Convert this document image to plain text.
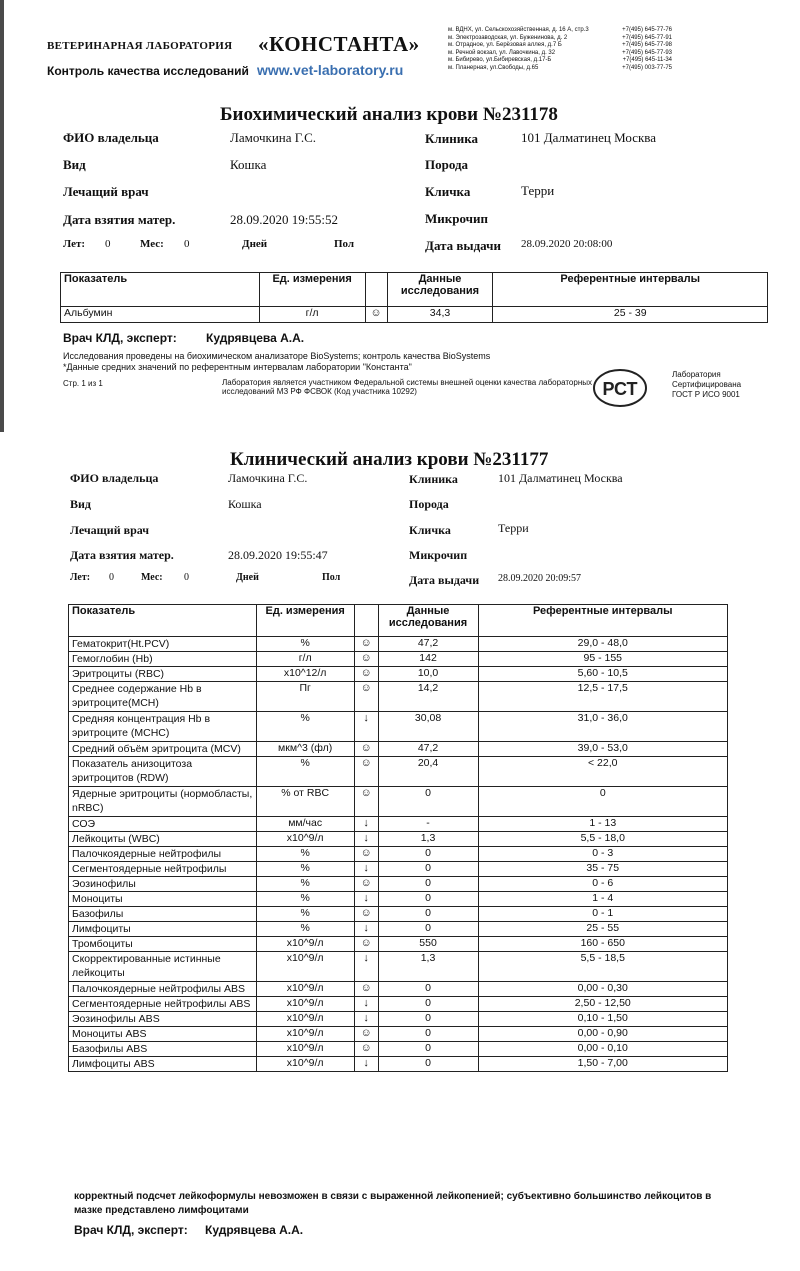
ВЕТЕРИНАРНАЯ ЛАБОРАТОРИЯ «КОНСТАНТА»
Контроль качества исследований www.vet-laboratory.ru
м. ВДНХ, ул. Сельскохозяйственная, д. 16 А, стр.3
м. Электрозаводская, ул. Буженинова, д. 2
м. Отрадное, ул. Берёзовая аллея, д.7 Б
м. Речной вокзал, ул. Лавочкина, д. 32
м. Бибирево, ул.Бибиревская, д.17-Б
м. Планерная, ул.Свободы, д.65
+7(495) 645-77-76
+7(495) 645-77-91
+7(495) 645-77-98
+7(495) 645-77-93
+7(495) 645-11-34
+7(495) 003-77-75
Биохимический анализ крови №231178
ФИО владельца	Ламочкина Г.С.	Клиника	101 Далматинец Москва
Вид	Кошка	Порода
Лечащий врач	Кличка	Терри
Дата взятия матер.	28.09.2020 19:55:52	Микрочип
Лет: 0	Мес: 0	Дней	Пол	Дата выдачи 28.09.2020 20:08:00
Показатель	Ед. измерения		Данные исследования	Референтные интервалы
Альбумин	г/л	☺	34,3	25 - 39
Врач КЛД, эксперт: Кудрявцева А.А.
Исследования проведены на биохимическом анализаторе BioSystems; контроль качества BioSystems
*Данные средних значений по референтным интервалам лаборатории "Константа"
Стр. 1 из 1	Лаборатория является участником Федеральной системы внешней оценки качества лабораторных исследований МЗ РФ ФСВОК (Код участника 10292)	РСТ
Лаборатория
Сертифицирована
ГОСТ Р ИСО 9001
Клинический анализ крови №231177
ФИО владельца	Ламочкина Г.С.	Клиника	101 Далматинец Москва
Вид	Кошка	Порода
Лечащий врач	Кличка	Терри
Дата взятия матер.	28.09.2020 19:55:47	Микрочип
Лет: 0	Мес: 0	Дней	Пол	Дата выдачи 28.09.2020 20:09:57
Показатель	Ед. измерения		Данные исследования	Референтные интервалы
Гематокрит(Ht.PCV)	%	☺	47,2	29,0 - 48,0
Гемоглобин (Hb)	г/л	☺	142	95 - 155
Эритроциты (RBC)	x10^12/л	☺	10,0	5,60 - 10,5
Среднее содержание Hb в эритроците(MCH)	Пг	☺	14,2	12,5 - 17,5
Средняя концентрация Hb в эритроците (MCHC)	%	↓	30,08	31,0 - 36,0
Средний объём эритроцита (MCV)	мкм^3 (фл)	☺	47,2	39,0 - 53,0
Показатель анизоцитоза эритроцитов (RDW)	%	☺	20,4	< 22,0
Ядерные эритроциты (нормобласты, nRBC)	% от RBC	☺	0	0
СОЭ	мм/час	↓	-	1 - 13
Лейкоциты (WBC)	x10^9/л	↓	1,3	5,5 - 18,0
Палочкоядерные нейтрофилы	%	☺	0	0 - 3
Сегментоядерные нейтрофилы	%	↓	0	35 - 75
Эозинофилы	%	☺	0	0 - 6
Моноциты	%	↓	0	1 - 4
Базофилы	%	☺	0	0 - 1
Лимфоциты	%	↓	0	25 - 55
Тромбоциты	x10^9/л	☺	550	160 - 650
Скорректированные истинные лейкоциты	x10^9/л	↓	1,3	5,5 - 18,5
Палочкоядерные нейтрофилы ABS	x10^9/л	☺	0	0,00 - 0,30
Сегментоядерные нейтрофилы ABS	x10^9/л	↓	0	2,50 - 12,50
Эозинофилы ABS	x10^9/л	↓	0	0,10 - 1,50
Моноциты ABS	x10^9/л	☺	0	0,00 - 0,90
Базофилы ABS	x10^9/л	☺	0	0,00 - 0,10
Лимфоциты ABS	x10^9/л	↓	0	1,50 - 7,00
корректный подсчет лейкоформулы невозможен в связи с выраженной лейкопенией; субъективно большинство лейкоцитов в мазке представлено лимфоцитами
Врач КЛД, эксперт: Кудрявцева А.А.
